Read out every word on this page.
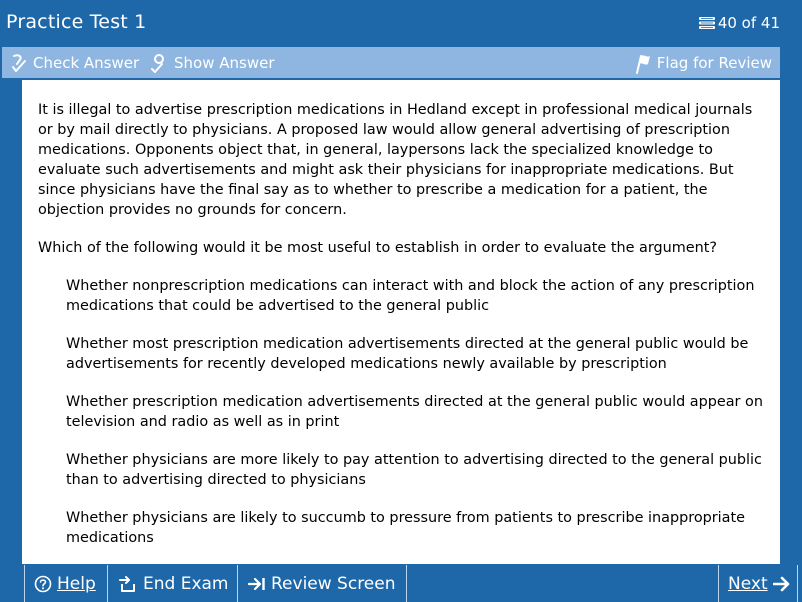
Practice Test 1	40 of 41
Check Answer Show Answer	Flag for Review

It is illegal to advertise prescription medications in Hedland except in professional medical journals or by mail directly to physicians. A proposed law would allow general advertising of prescription medications. Opponents object that, in general, laypersons lack the specialized knowledge to evaluate such advertisements and might ask their physicians for inappropriate medications. But since physicians have the final say as to whether to prescribe a medication for a patient, the objection provides no grounds for concern.

Which of the following would it be most useful to establish in order to evaluate the argument?

Whether nonprescription medications can interact with and block the action of any prescription medications that could be advertised to the general public
Whether most prescription medication advertisements directed at the general public would be advertisements for recently developed medications newly available by prescription
Whether prescription medication advertisements directed at the general public would appear on television and radio as well as in print
Whether physicians are more likely to pay attention to advertising directed to the general public than to advertising directed to physicians
Whether physicians are likely to succumb to pressure from patients to prescribe inappropriate medications
Help	End Exam	Review Screen	Next
